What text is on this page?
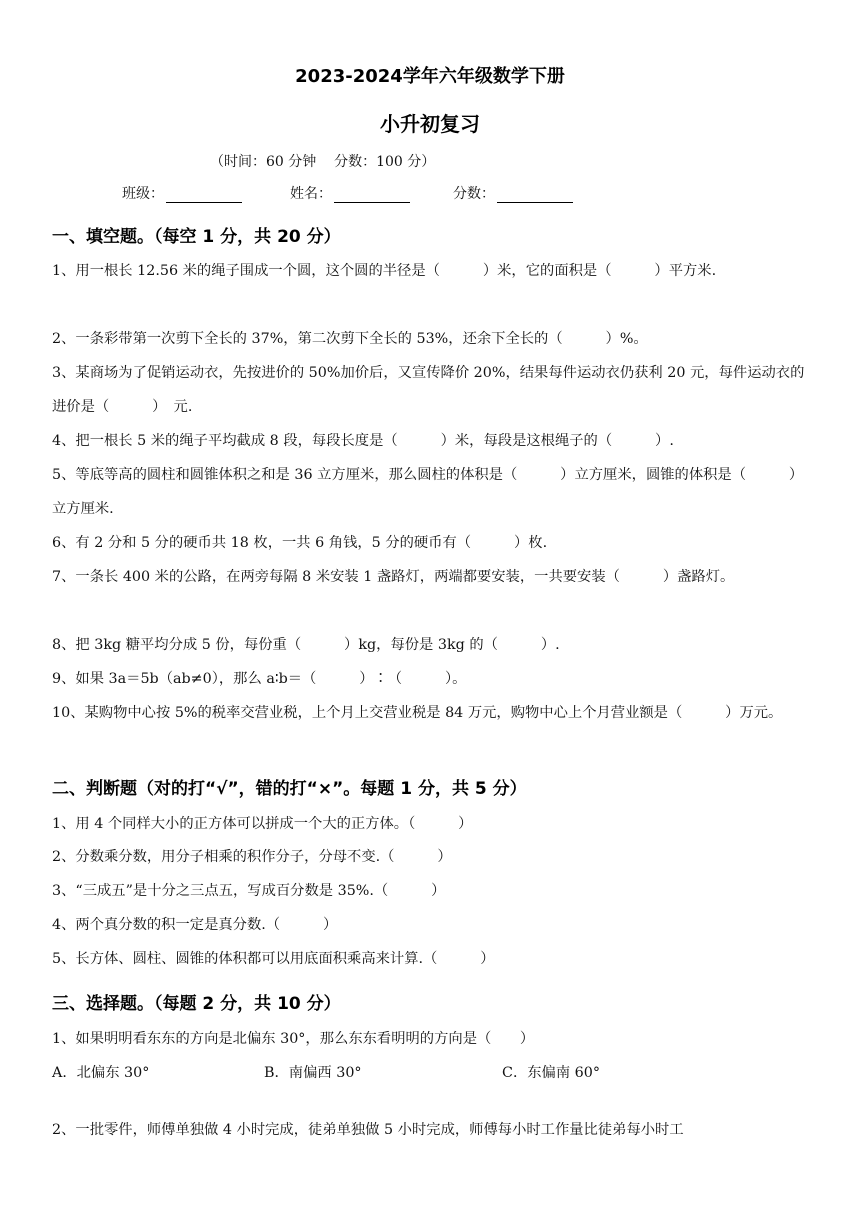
2023-2024学年六年级数学下册
小升初复习
（时间：60 分钟    分数：100 分）
班级：	姓名：	分数：
一、填空题。（每空 1 分，共 20 分）
1、用一根长 12.56 米的绳子围成一个圆，这个圆的半径是（　　　）米，它的面积是（　　　）平方米.
2、一条彩带第一次剪下全长的 37%，第二次剪下全长的 53%，还余下全长的（　　　）%。
3、某商场为了促销运动衣，先按进价的 50%加价后，又宣传降价 20%，结果每件运动衣仍获利 20 元，每件运动衣的进价是（　　　）　元.
4、把一根长 5 米的绳子平均截成 8 段，每段长度是（　　　）米，每段是这根绳子的（　　　）.
5、等底等高的圆柱和圆锥体积之和是 36 立方厘米，那么圆柱的体积是（　　　）立方厘米，圆锥的体积是（　　　）立方厘米.
6、有 2 分和 5 分的硬币共 18 枚，一共 6 角钱，5 分的硬币有（　　　）枚.
7、一条长 400 米的公路，在两旁每隔 8 米安装 1 盏路灯，两端都要安装，一共要安装（　　　）盏路灯。
8、把 3kg 糖平均分成 5 份，每份重（　　　）kg，每份是 3kg 的（　　　）.
9、如果 3a＝5b（ab≠0），那么 a∶b＝（　　　）∶（　　　）。
10、某购物中心按 5%的税率交营业税，上个月上交营业税是 84 万元，购物中心上个月营业额是（　　　）万元。
二、判断题（对的打“√”，错的打“×”。每题 1 分，共 5 分）
1、用 4 个同样大小的正方体可以拼成一个大的正方体。（　　　）
2、分数乘分数，用分子相乘的积作分子，分母不变.（　　　）
3、“三成五”是十分之三点五，写成百分数是 35%.（　　　）
4、两个真分数的积一定是真分数.（　　　）
5、长方体、圆柱、圆锥的体积都可以用底面积乘高来计算.（　　　）
三、选择题。（每题 2 分，共 10 分）
1、如果明明看东东的方向是北偏东 30°，那么东东看明明的方向是（　　）
A．北偏东 30°	B．南偏西 30°	C．东偏南 60°
2、一批零件，师傅单独做 4 小时完成，徒弟单独做 5 小时完成，师傅每小时工作量比徒弟每小时工
